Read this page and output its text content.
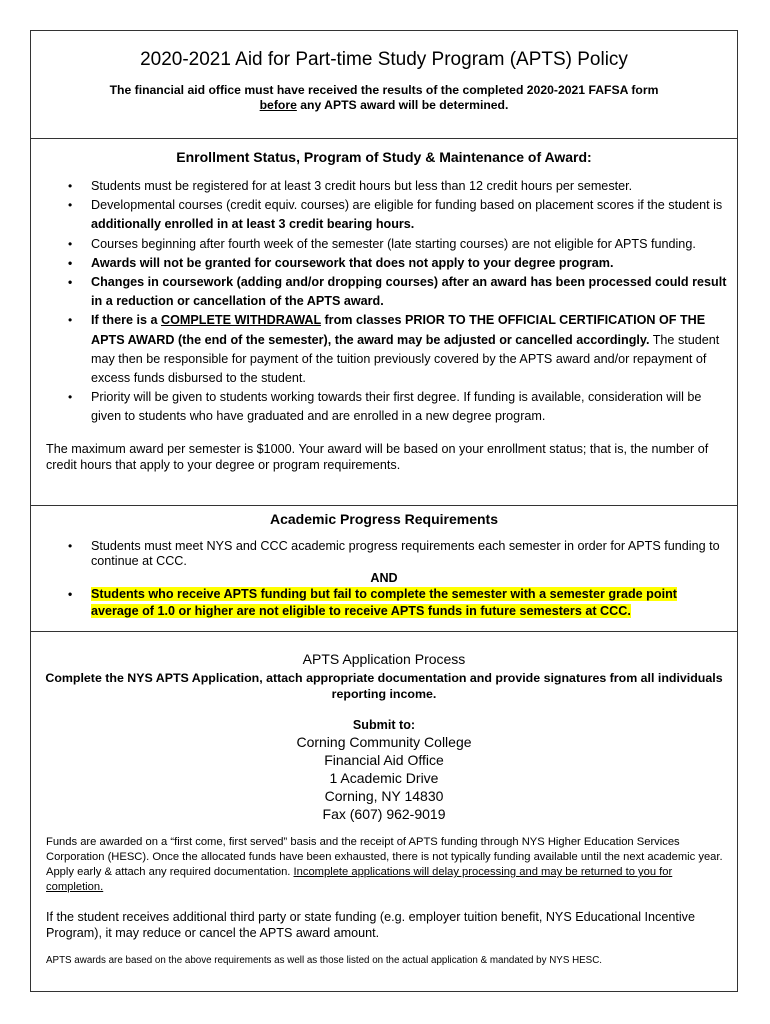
2020-2021 Aid for Part-time Study Program (APTS) Policy
The financial aid office must have received the results of the completed 2020-2021 FAFSA form
before any APTS award will be determined.
Enrollment Status, Program of Study & Maintenance of Award:
• Students must be registered for at least 3 credit hours but less than 12 credit hours per semester.
• Developmental courses (credit equiv. courses) are eligible for funding based on placement scores if the student is additionally enrolled in at least 3 credit bearing hours.
• Courses beginning after fourth week of the semester (late starting courses) are not eligible for APTS funding.
• Awards will not be granted for coursework that does not apply to your degree program.
• Changes in coursework (adding and/or dropping courses) after an award has been processed could result in a reduction or cancellation of the APTS award.
• If there is a COMPLETE WITHDRAWAL from classes PRIOR TO THE OFFICIAL CERTIFICATION OF THE APTS AWARD (the end of the semester), the award may be adjusted or cancelled accordingly. The student may then be responsible for payment of the tuition previously covered by the APTS award and/or repayment of excess funds disbursed to the student.
• Priority will be given to students working towards their first degree. If funding is available, consideration will be given to students who have graduated and are enrolled in a new degree program.
The maximum award per semester is $1000. Your award will be based on your enrollment status; that is, the number of credit hours that apply to your degree or program requirements.
Academic Progress Requirements
• Students must meet NYS and CCC academic progress requirements each semester in order for APTS funding to continue at CCC.
AND
• Students who receive APTS funding but fail to complete the semester with a semester grade point average of 1.0 or higher are not eligible to receive APTS funds in future semesters at CCC.
APTS Application Process
Complete the NYS APTS Application, attach appropriate documentation and provide signatures from all individuals reporting income.
Submit to:
Corning Community College
Financial Aid Office
1 Academic Drive
Corning, NY 14830
Fax (607) 962-9019
Funds are awarded on a “first come, first served” basis and the receipt of APTS funding through NYS Higher Education Services Corporation (HESC). Once the allocated funds have been exhausted, there is not typically funding available until the next academic year. Apply early & attach any required documentation. Incomplete applications will delay processing and may be returned to you for completion.
If the student receives additional third party or state funding (e.g. employer tuition benefit, NYS Educational Incentive Program), it may reduce or cancel the APTS award amount.
APTS awards are based on the above requirements as well as those listed on the actual application & mandated by NYS HESC.
